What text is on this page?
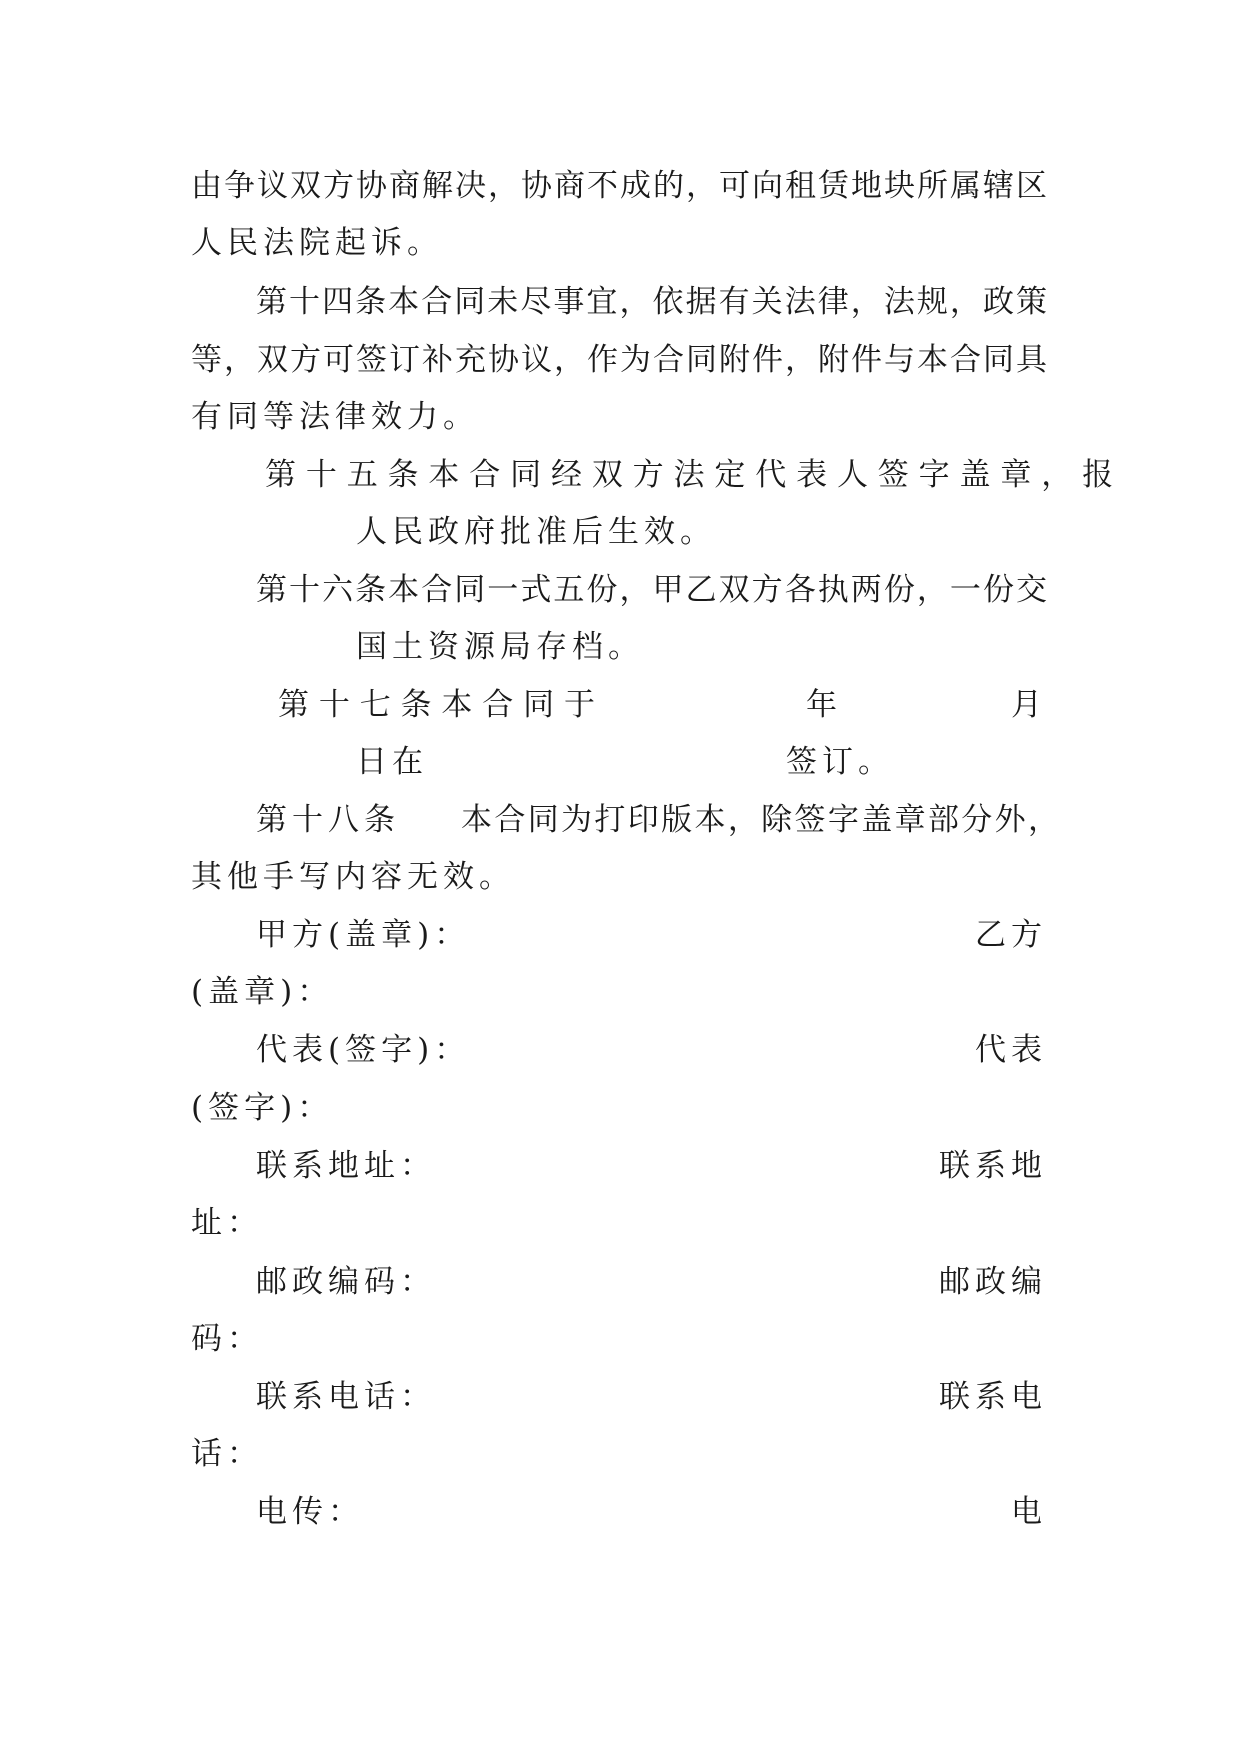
由争议双方协商解决，协商不成的，可向租赁地块所属辖区
人民法院起诉。
第十四条本合同未尽事宜，依据有关法律，法规，政策
等，双方可签订补充协议，作为合同附件，附件与本合同具
有同等法律效力。
第 十 五 条 本 合 同 经 双 方 法 定 代 表 人 签 字 盖 章 ， 报
人民政府批准后生效。
第十六条本合同一式五份，甲乙双方各执两份，一份交
国土资源局存档。
第 十 七 条 本 合 同 于	年	月
日在	签订。
第十八条 本合同为打印版本，除签字盖章部分外，
其他手写内容无效。
甲方(盖章)：	乙方
(盖章)：
代表(签字)：	代表
(签字)：
联系地址：	联系地
址：
邮政编码：	邮政编
码：
联系电话：	联系电
话：
电传：	电
